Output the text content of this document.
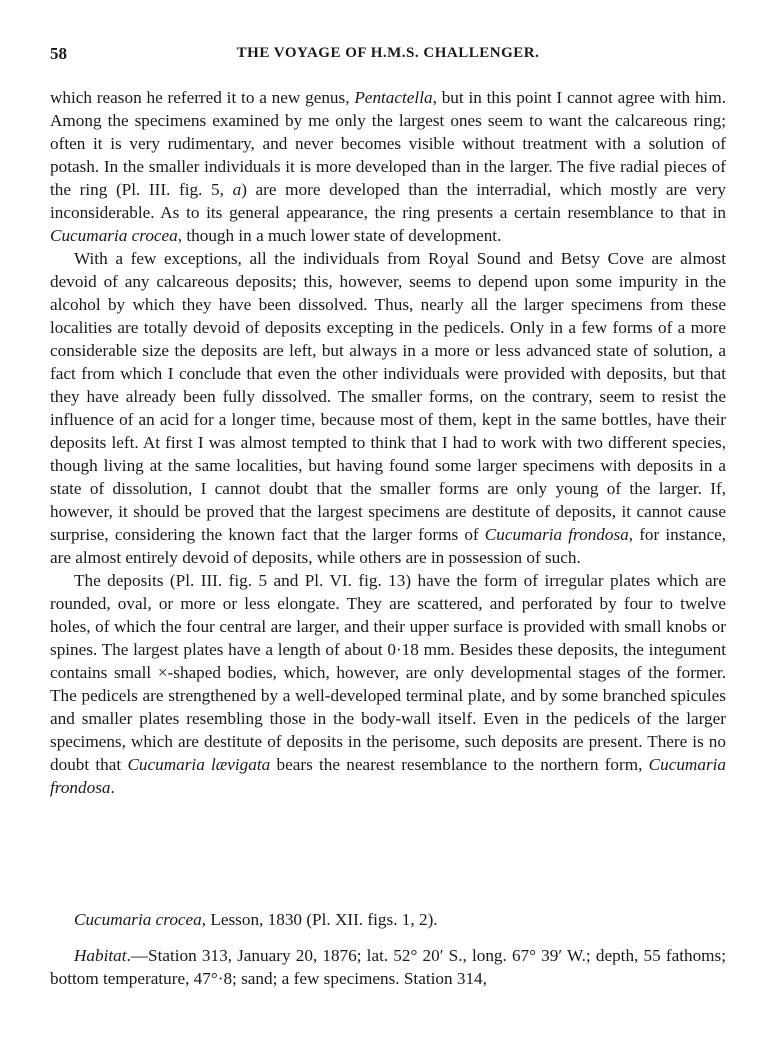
58	THE VOYAGE OF H.M.S. CHALLENGER.

which reason he referred it to a new genus, Pentactella, but in this point I cannot agree with him. Among the specimens examined by me only the largest ones seem to want the calcareous ring; often it is very rudimentary, and never becomes visible without treatment with a solution of potash. In the smaller individuals it is more developed than in the larger. The five radial pieces of the ring (Pl. III. fig. 5, a) are more developed than the interradial, which mostly are very inconsiderable. As to its general appearance, the ring presents a certain resemblance to that in Cucumaria crocea, though in a much lower state of development.

With a few exceptions, all the individuals from Royal Sound and Betsy Cove are almost devoid of any calcareous deposits; this, however, seems to depend upon some impurity in the alcohol by which they have been dissolved. Thus, nearly all the larger specimens from these localities are totally devoid of deposits excepting in the pedicels. Only in a few forms of a more considerable size the deposits are left, but always in a more or less advanced state of solution, a fact from which I conclude that even the other individuals were provided with deposits, but that they have already been fully dissolved. The smaller forms, on the contrary, seem to resist the influence of an acid for a longer time, because most of them, kept in the same bottles, have their deposits left. At first I was almost tempted to think that I had to work with two different species, though living at the same localities, but having found some larger specimens with deposits in a state of dissolution, I cannot doubt that the smaller forms are only young of the larger. If, however, it should be proved that the largest specimens are destitute of deposits, it cannot cause surprise, considering the known fact that the larger forms of Cucumaria frondosa, for instance, are almost entirely devoid of deposits, while others are in possession of such.

The deposits (Pl. III. fig. 5 and Pl. VI. fig. 13) have the form of irregular plates which are rounded, oval, or more or less elongate. They are scattered, and perforated by four to twelve holes, of which the four central are larger, and their upper surface is provided with small knobs or spines. The largest plates have a length of about 0·18 mm. Besides these deposits, the integument contains small ×-shaped bodies, which, however, are only developmental stages of the former. The pedicels are strengthened by a well-developed terminal plate, and by some branched spicules and smaller plates resembling those in the body-wall itself. Even in the pedicels of the larger specimens, which are destitute of deposits in the perisome, such deposits are present. There is no doubt that Cucumaria lævigata bears the nearest resemblance to the northern form, Cucumaria frondosa.

Cucumaria crocea, Lesson, 1830 (Pl. XII. figs. 1, 2).
Habitat.—Station 313, January 20, 1876; lat. 52° 20′ S., long. 67° 39′ W.; depth, 55 fathoms; bottom temperature, 47°·8; sand; a few specimens. Station 314,
